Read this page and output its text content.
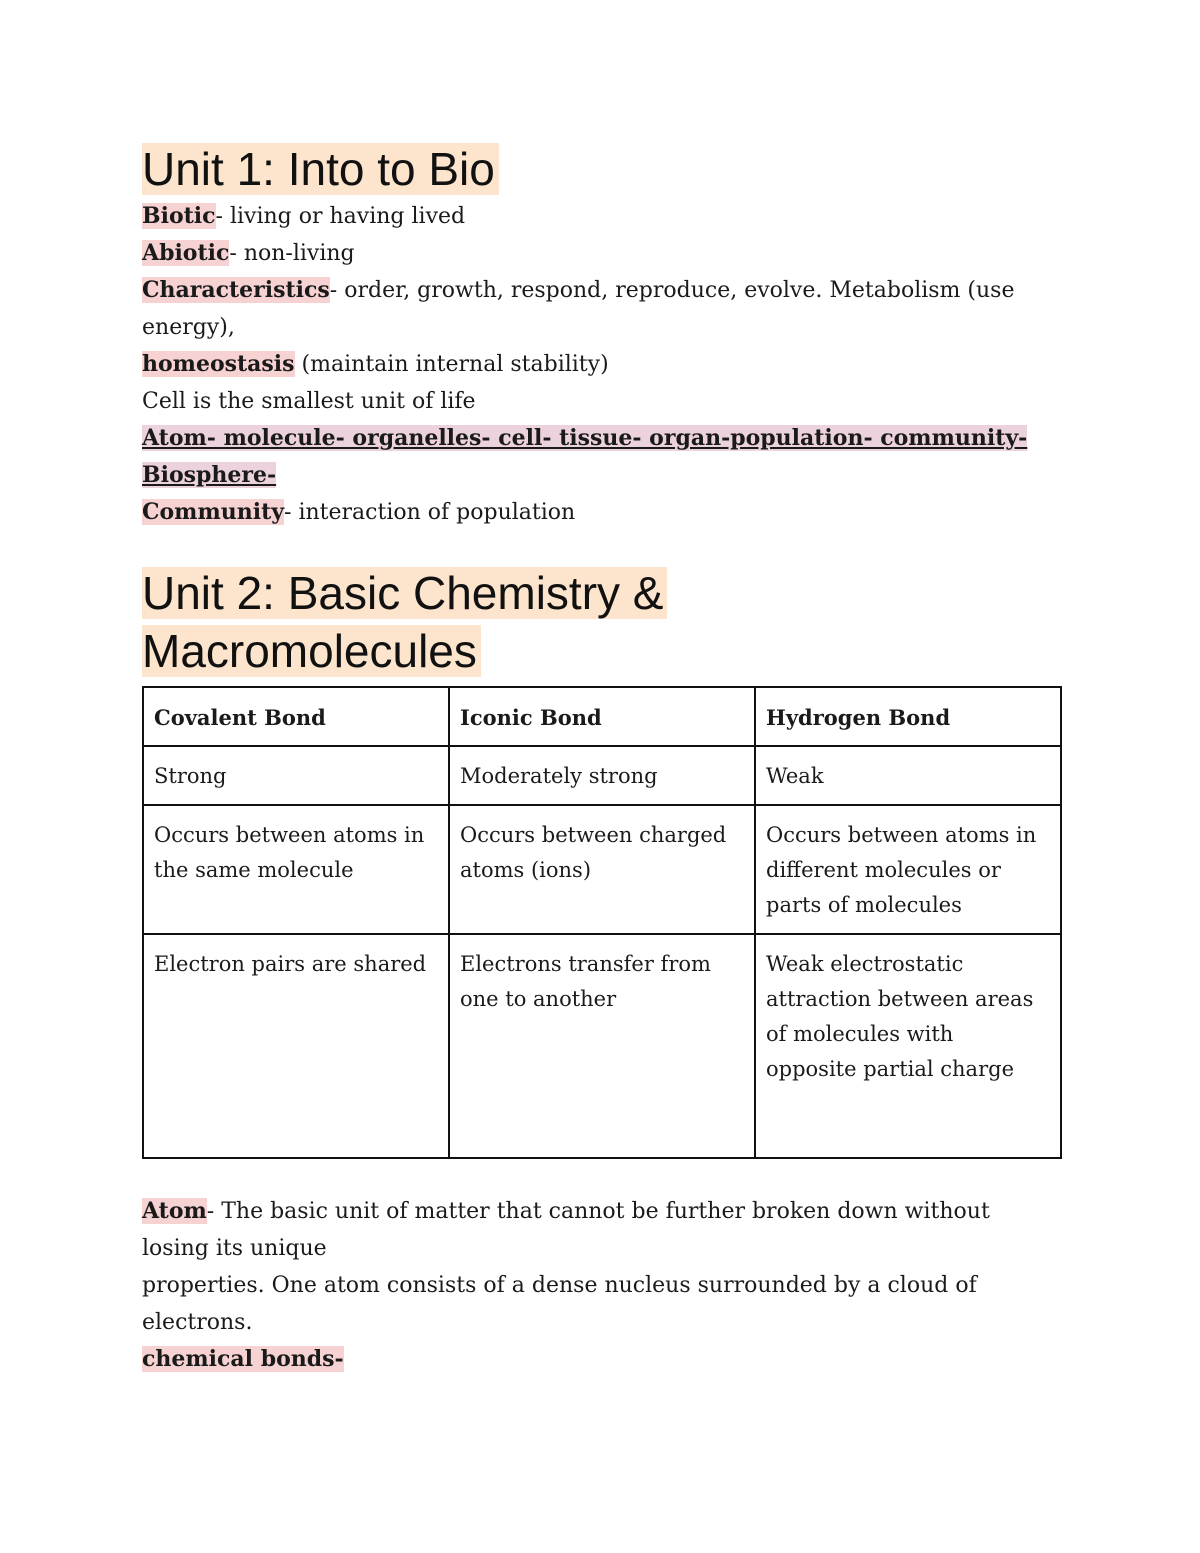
Unit 1: Into to Bio

Biotic- living or having lived

Abiotic- non-living

Characteristics- order, growth, respond, reproduce, evolve. Metabolism (use energy),

homeostasis (maintain internal stability)

Cell is the smallest unit of life

Atom- molecule- organelles- cell- tissue- organ-population- community- Biosphere-

Community- interaction of population

Unit 2: Basic Chemistry &
Macromolecules
Covalent Bond	Iconic Bond	Hydrogen Bond
Strong	Moderately strong	Weak
Occurs between atoms in the same molecule	Occurs between charged atoms (ions)	Occurs between atoms in different molecules or parts of molecules
Electron pairs are shared	Electrons transfer from one to another	Weak electrostatic attraction between areas of molecules with opposite partial charge

Atom- The basic unit of matter that cannot be further broken down without losing its unique

properties. One atom consists of a dense nucleus surrounded by a cloud of electrons.

chemical bonds-
